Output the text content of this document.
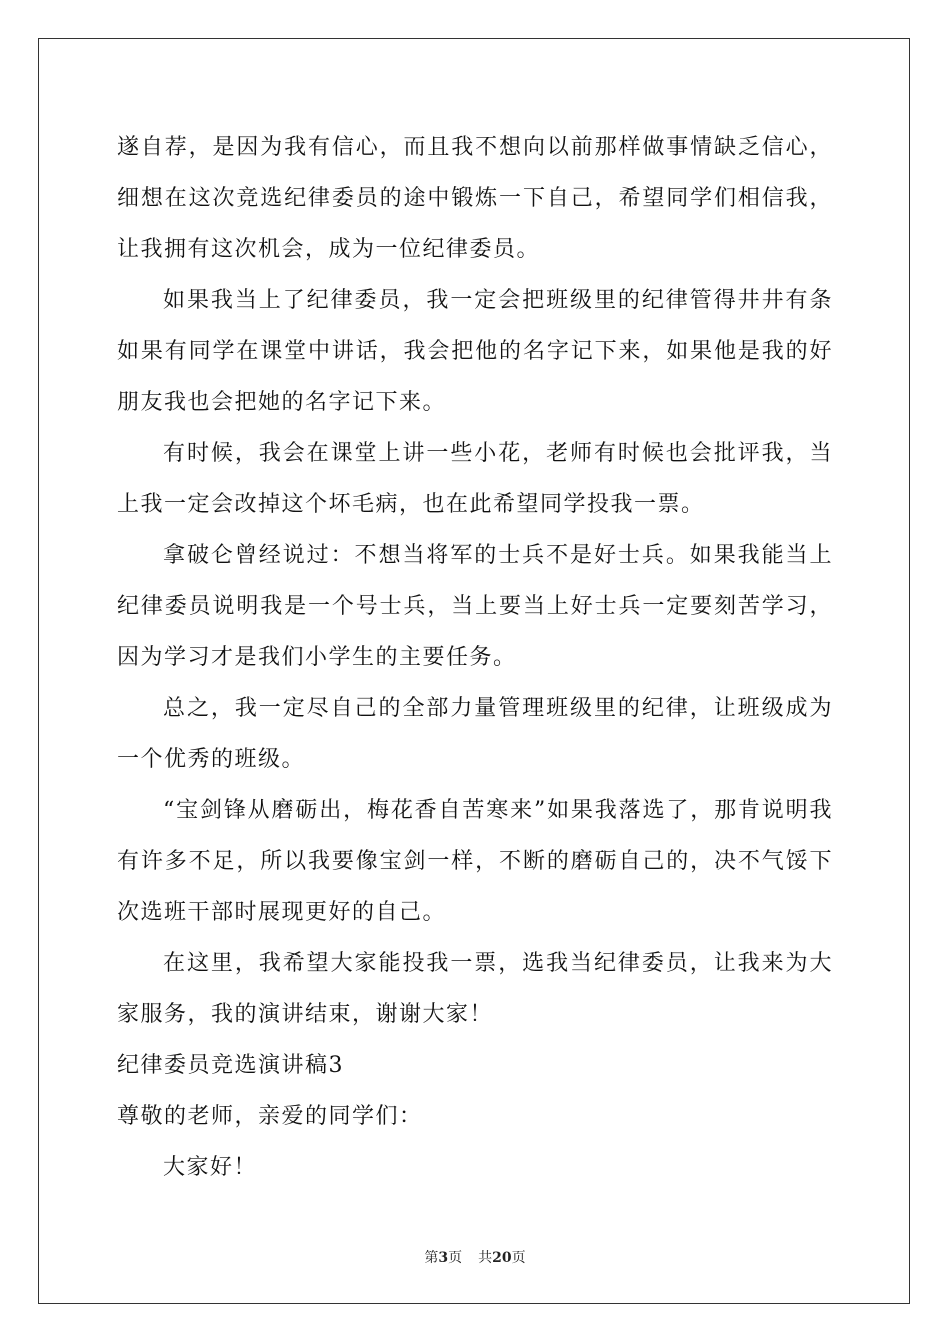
遂自荐，是因为我有信心，而且我不想向以前那样做事情缺乏信心，细想在这次竞选纪律委员的途中锻炼一下自己，希望同学们相信我，让我拥有这次机会，成为一位纪律委员。

如果我当上了纪律委员，我一定会把班级里的纪律管得井井有条如果有同学在课堂中讲话，我会把他的名字记下来，如果他是我的好朋友我也会把她的名字记下来。

有时候，我会在课堂上讲一些小花，老师有时候也会批评我，当上我一定会改掉这个坏毛病，也在此希望同学投我一票。

拿破仑曾经说过：不想当将军的士兵不是好士兵。如果我能当上纪律委员说明我是一个号士兵，当上要当上好士兵一定要刻苦学习，因为学习才是我们小学生的主要任务。

总之，我一定尽自己的全部力量管理班级里的纪律，让班级成为一个优秀的班级。

“宝剑锋从磨砺出，梅花香自苦寒来”如果我落选了，那肯说明我有许多不足，所以我要像宝剑一样，不断的磨砺自己的，决不气馁下次选班干部时展现更好的自己。

在这里，我希望大家能投我一票，选我当纪律委员，让我来为大家服务，我的演讲结束，谢谢大家！

纪律委员竞选演讲稿3

尊敬的老师，亲爱的同学们：

大家好！

第3页 共20页
